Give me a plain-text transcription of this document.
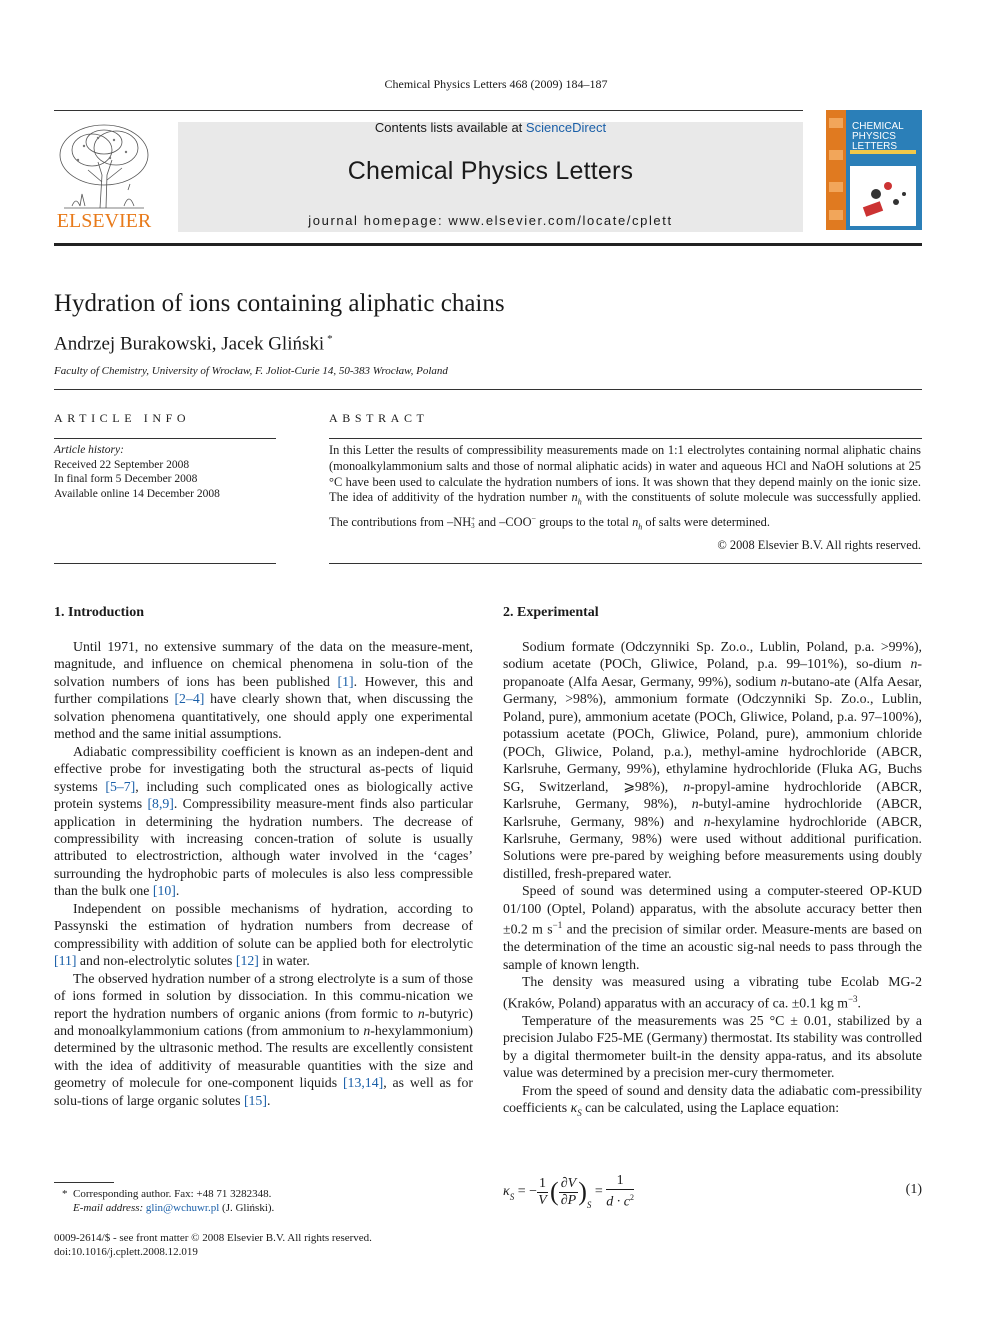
Chemical Physics Letters 468 (2009) 184–187
Contents lists available at ScienceDirect
Chemical Physics Letters
journal homepage: www.elsevier.com/locate/cplett
ELSEVIER
CHEMICAL
PHYSICS
LETTERS
Hydration of ions containing aliphatic chains
Andrzej Burakowski, Jacek Gliński *
Faculty of Chemistry, University of Wrocław, F. Joliot-Curie 14, 50-383 Wrocław, Poland
ARTICLE INFO
Article history:
Received 22 September 2008
In final form 5 December 2008
Available online 14 December 2008
ABSTRACT
In this Letter the results of compressibility measurements made on 1:1 electrolytes containing normal aliphatic chains (monoalkylammonium salts and those of normal aliphatic acids) in water and aqueous HCl and NaOH solutions at 25 °C have been used to calculate the hydration numbers of ions. It was shown that they depend mainly on the ionic size. The idea of additivity of the hydration number $n_h$ with the constituents of solute molecule was successfully applied. The contributions from –NH +
3 and –COO− groups to the total $n_h$ of salts were determined.
© 2008 Elsevier B.V. All rights reserved.
1. Introduction	2. Experimental

Until 1971, no extensive summary of the data on the measure-ment, magnitude, and influence on chemical phenomena in solu-tion of the solvation numbers of ions has been published [1]. However, this and further compilations [2–4] have clearly shown that, when discussing the solvation phenomena quantitatively, one should apply one experimental method and the same initial assumptions.

Adiabatic compressibility coefficient is known as an indepen-dent and effective probe for investigating both the structural as-pects of liquid systems [5–7], including such complicated ones as biologically active protein systems [8,9]. Compressibility measure-ment finds also particular application in determining the hydration numbers. The decrease of compressibility with increasing concen-tration of solute is usually attributed to electrostriction, although water involved in the ‘cages’ surrounding the hydrophobic parts of molecules is also less compressible than the bulk one [10].

Independent on possible mechanisms of hydration, according to Passynski the estimation of hydration numbers from decrease of compressibility with addition of solute can be applied both for electrolytic [11] and non-electrolytic solutes [12] in water.

The observed hydration number of a strong electrolyte is a sum of those of ions formed in solution by dissociation. In this commu-nication we report the hydration numbers of organic anions (from formic to n-butyric) and monoalkylammonium cations (from ammonium to n-hexylammonium) determined by the ultrasonic method. The results are excellently consistent with the idea of additivity of measurable quantities with the size and geometry of molecule for one-component liquids [13,14], as well as for solu-tions of large organic solutes [15].

Sodium formate (Odczynniki Sp. Zo.o., Lublin, Poland, p.a. >99%), sodium acetate (POCh, Gliwice, Poland, p.a. 99–101%), so-dium n-propanoate (Alfa Aesar, Germany, 99%), sodium n-butano-ate (Alfa Aesar, Germany, >98%), ammonium formate (Odczynniki Sp. Zo.o., Lublin, Poland, pure), ammonium acetate (POCh, Gliwice, Poland, p.a. 97–100%), potassium acetate (POCh, Gliwice, Poland, pure), ammonium chloride (POCh, Gliwice, Poland, p.a.), methyl-amine hydrochloride (ABCR, Karlsruhe, Germany, 99%), ethylamine hydrochloride (Fluka AG, Buchs SG, Switzerland, ⩾98%), n-propyl-amine hydrochloride (ABCR, Karlsruhe, Germany, 98%), n-butyl-amine hydrochloride (ABCR, Karlsruhe, Germany, 98%) and n-hexylamine hydrochloride (ABCR, Karlsruhe, Germany, 98%) were used without additional purification. Solutions were pre-pared by weighing before measurements using doubly distilled, fresh-prepared water.

Speed of sound was determined using a computer-steered OP-KUD 01/100 (Optel, Poland) apparatus, with the absolute accuracy better then ±0.2 m $s^{-1}$ and the precision of similar order. Measure-ments are based on the determination of the time an acoustic sig-nal needs to pass through the sample of known length.

The density was measured using a vibrating tube Ecolab MG-2 (Kraków, Poland) apparatus with an accuracy of ca. ±0.1 kg $m^{-3}$.

Temperature of the measurements was 25 °C ± 0.01, stabilized by a precision Julabo F25-ME (Germany) thermostat. Its stability was controlled by a digital thermometer built-in the density appa-ratus, and its absolute value was determined by a precision mer-cury thermometer.

From the speed of sound and density data the adiabatic com-pressibility coefficients $\kappa_S$ can be calculated, using the Laplace equation:

κ $_S$ = − $\frac{1}{V}$ ( $\frac{\partial V}{\partial P}$ ) $_S$
= $\frac{1}{d \cdot c^2}$	(1)
* Corresponding author. Fax: +48 71 3282348.
E-mail address: glin@wchuwr.pl (J. Gliński).
0009-2614/$ - see front matter © 2008 Elsevier B.V. All rights reserved.
doi:10.1016/j.cplett.2008.12.019
